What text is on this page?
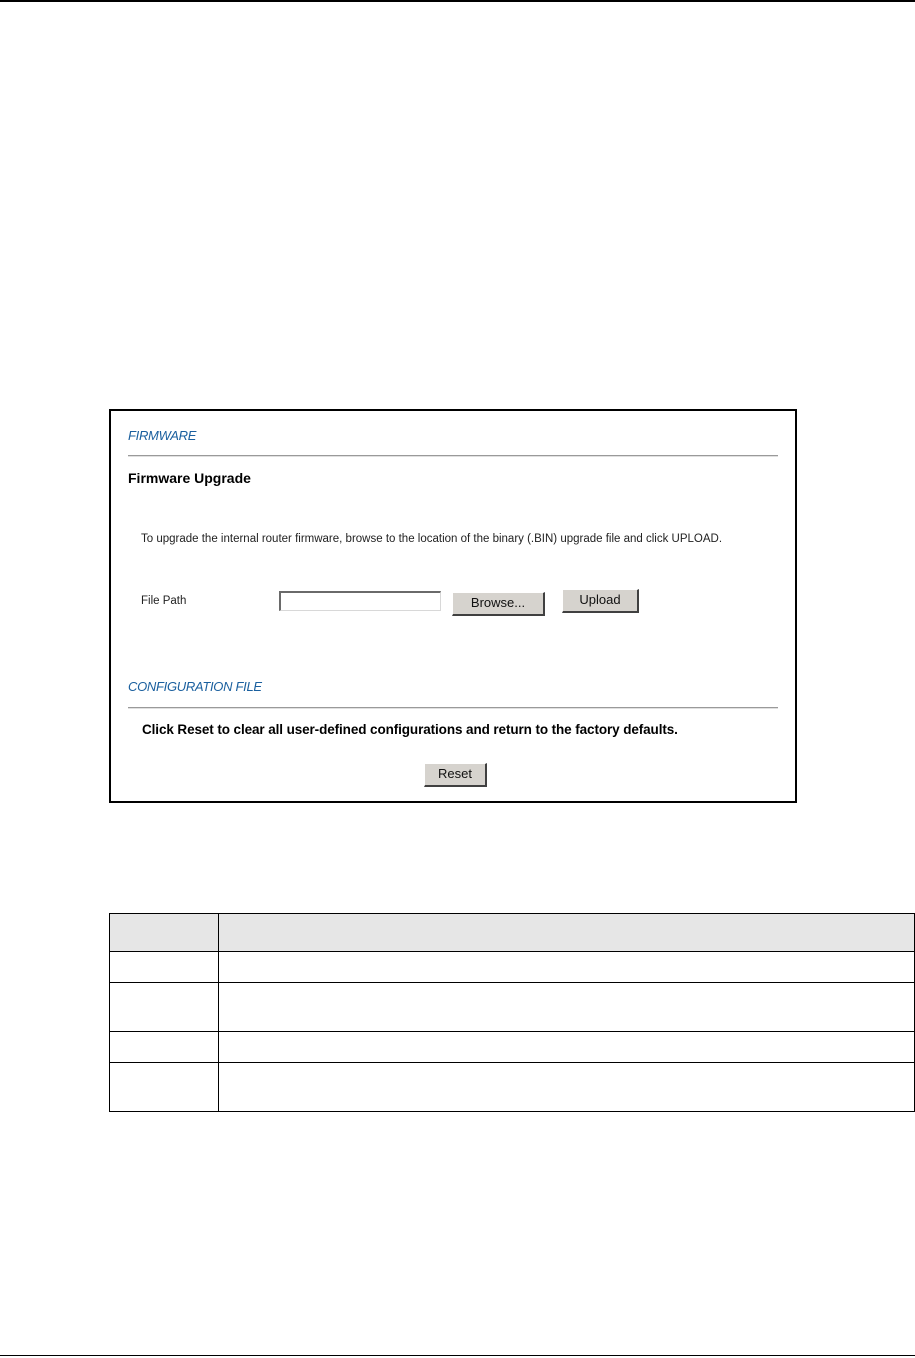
FIRMWARE
Firmware Upgrade
To upgrade the internal router firmware, browse to the location of the binary (.BIN) upgrade file and click UPLOAD.
File Path	Browse...	Upload
CONFIGURATION FILE
Click Reset to clear all user-defined configurations and return to the factory defaults.
Reset
